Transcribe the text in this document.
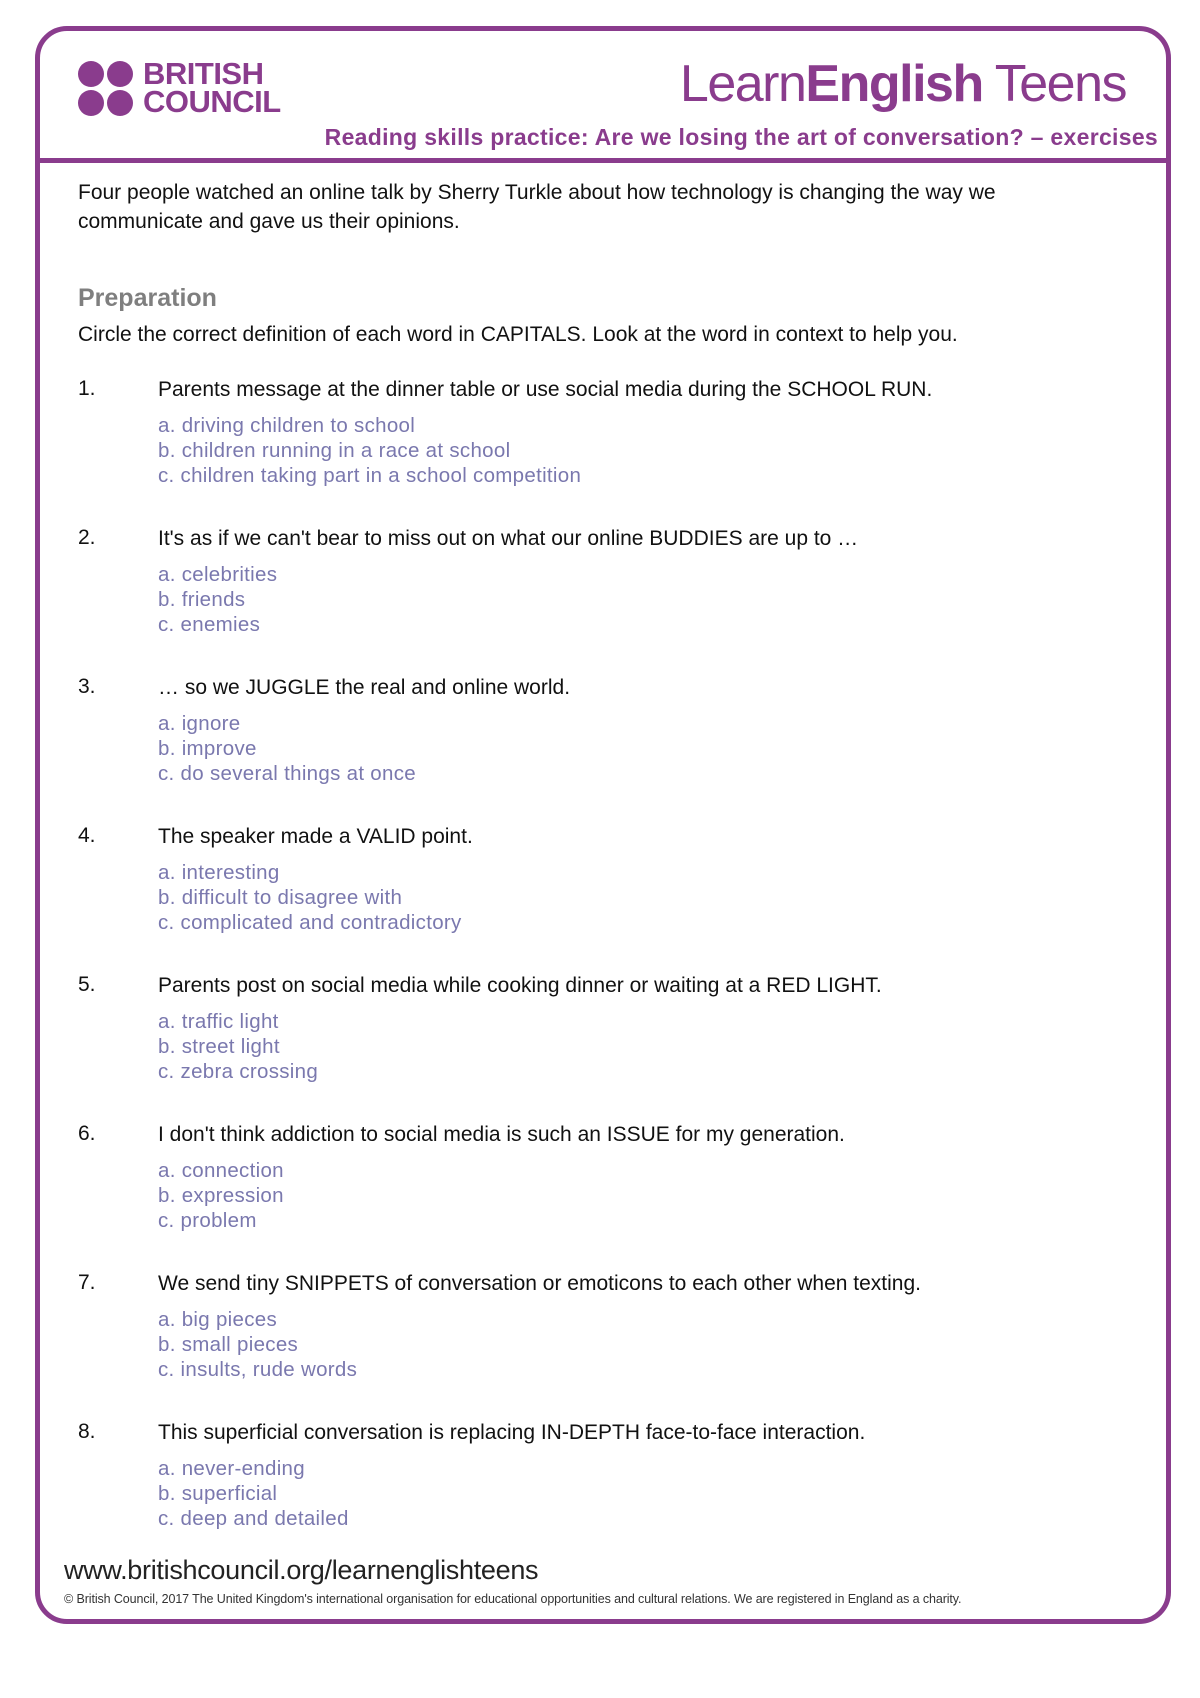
BRITISH
COUNCIL	LearnEnglish Teens
Reading skills practice: Are we losing the art of conversation? – exercises

Four people watched an online talk by Sherry Turkle about how technology is changing the way we communicate and gave us their opinions.

Preparation

Circle the correct definition of each word in CAPITALS. Look at the word in context to help you.

1.	Parents message at the dinner table or use social media during the SCHOOL RUN.
a. driving children to school
b. children running in a race at school
c. children taking part in a school competition
2.	It's as if we can't bear to miss out on what our online BUDDIES are up to …
a. celebrities
b. friends
c. enemies
3.	… so we JUGGLE the real and online world.
a. ignore
b. improve
c. do several things at once
4.	The speaker made a VALID point.
a. interesting
b. difficult to disagree with
c. complicated and contradictory
5.	Parents post on social media while cooking dinner or waiting at a RED LIGHT.
a. traffic light
b. street light
c. zebra crossing
6.	I don't think addiction to social media is such an ISSUE for my generation.
a. connection
b. expression
c. problem
7.	We send tiny SNIPPETS of conversation or emoticons to each other when texting.
a. big pieces
b. small pieces
c. insults, rude words
8.	This superficial conversation is replacing IN-DEPTH face-to-face interaction.
a. never-ending
b. superficial
c. deep and detailed
www.britishcouncil.org/learnenglishteens
© British Council, 2017 The United Kingdom's international organisation for educational opportunities and cultural relations. We are registered in England as a charity.
